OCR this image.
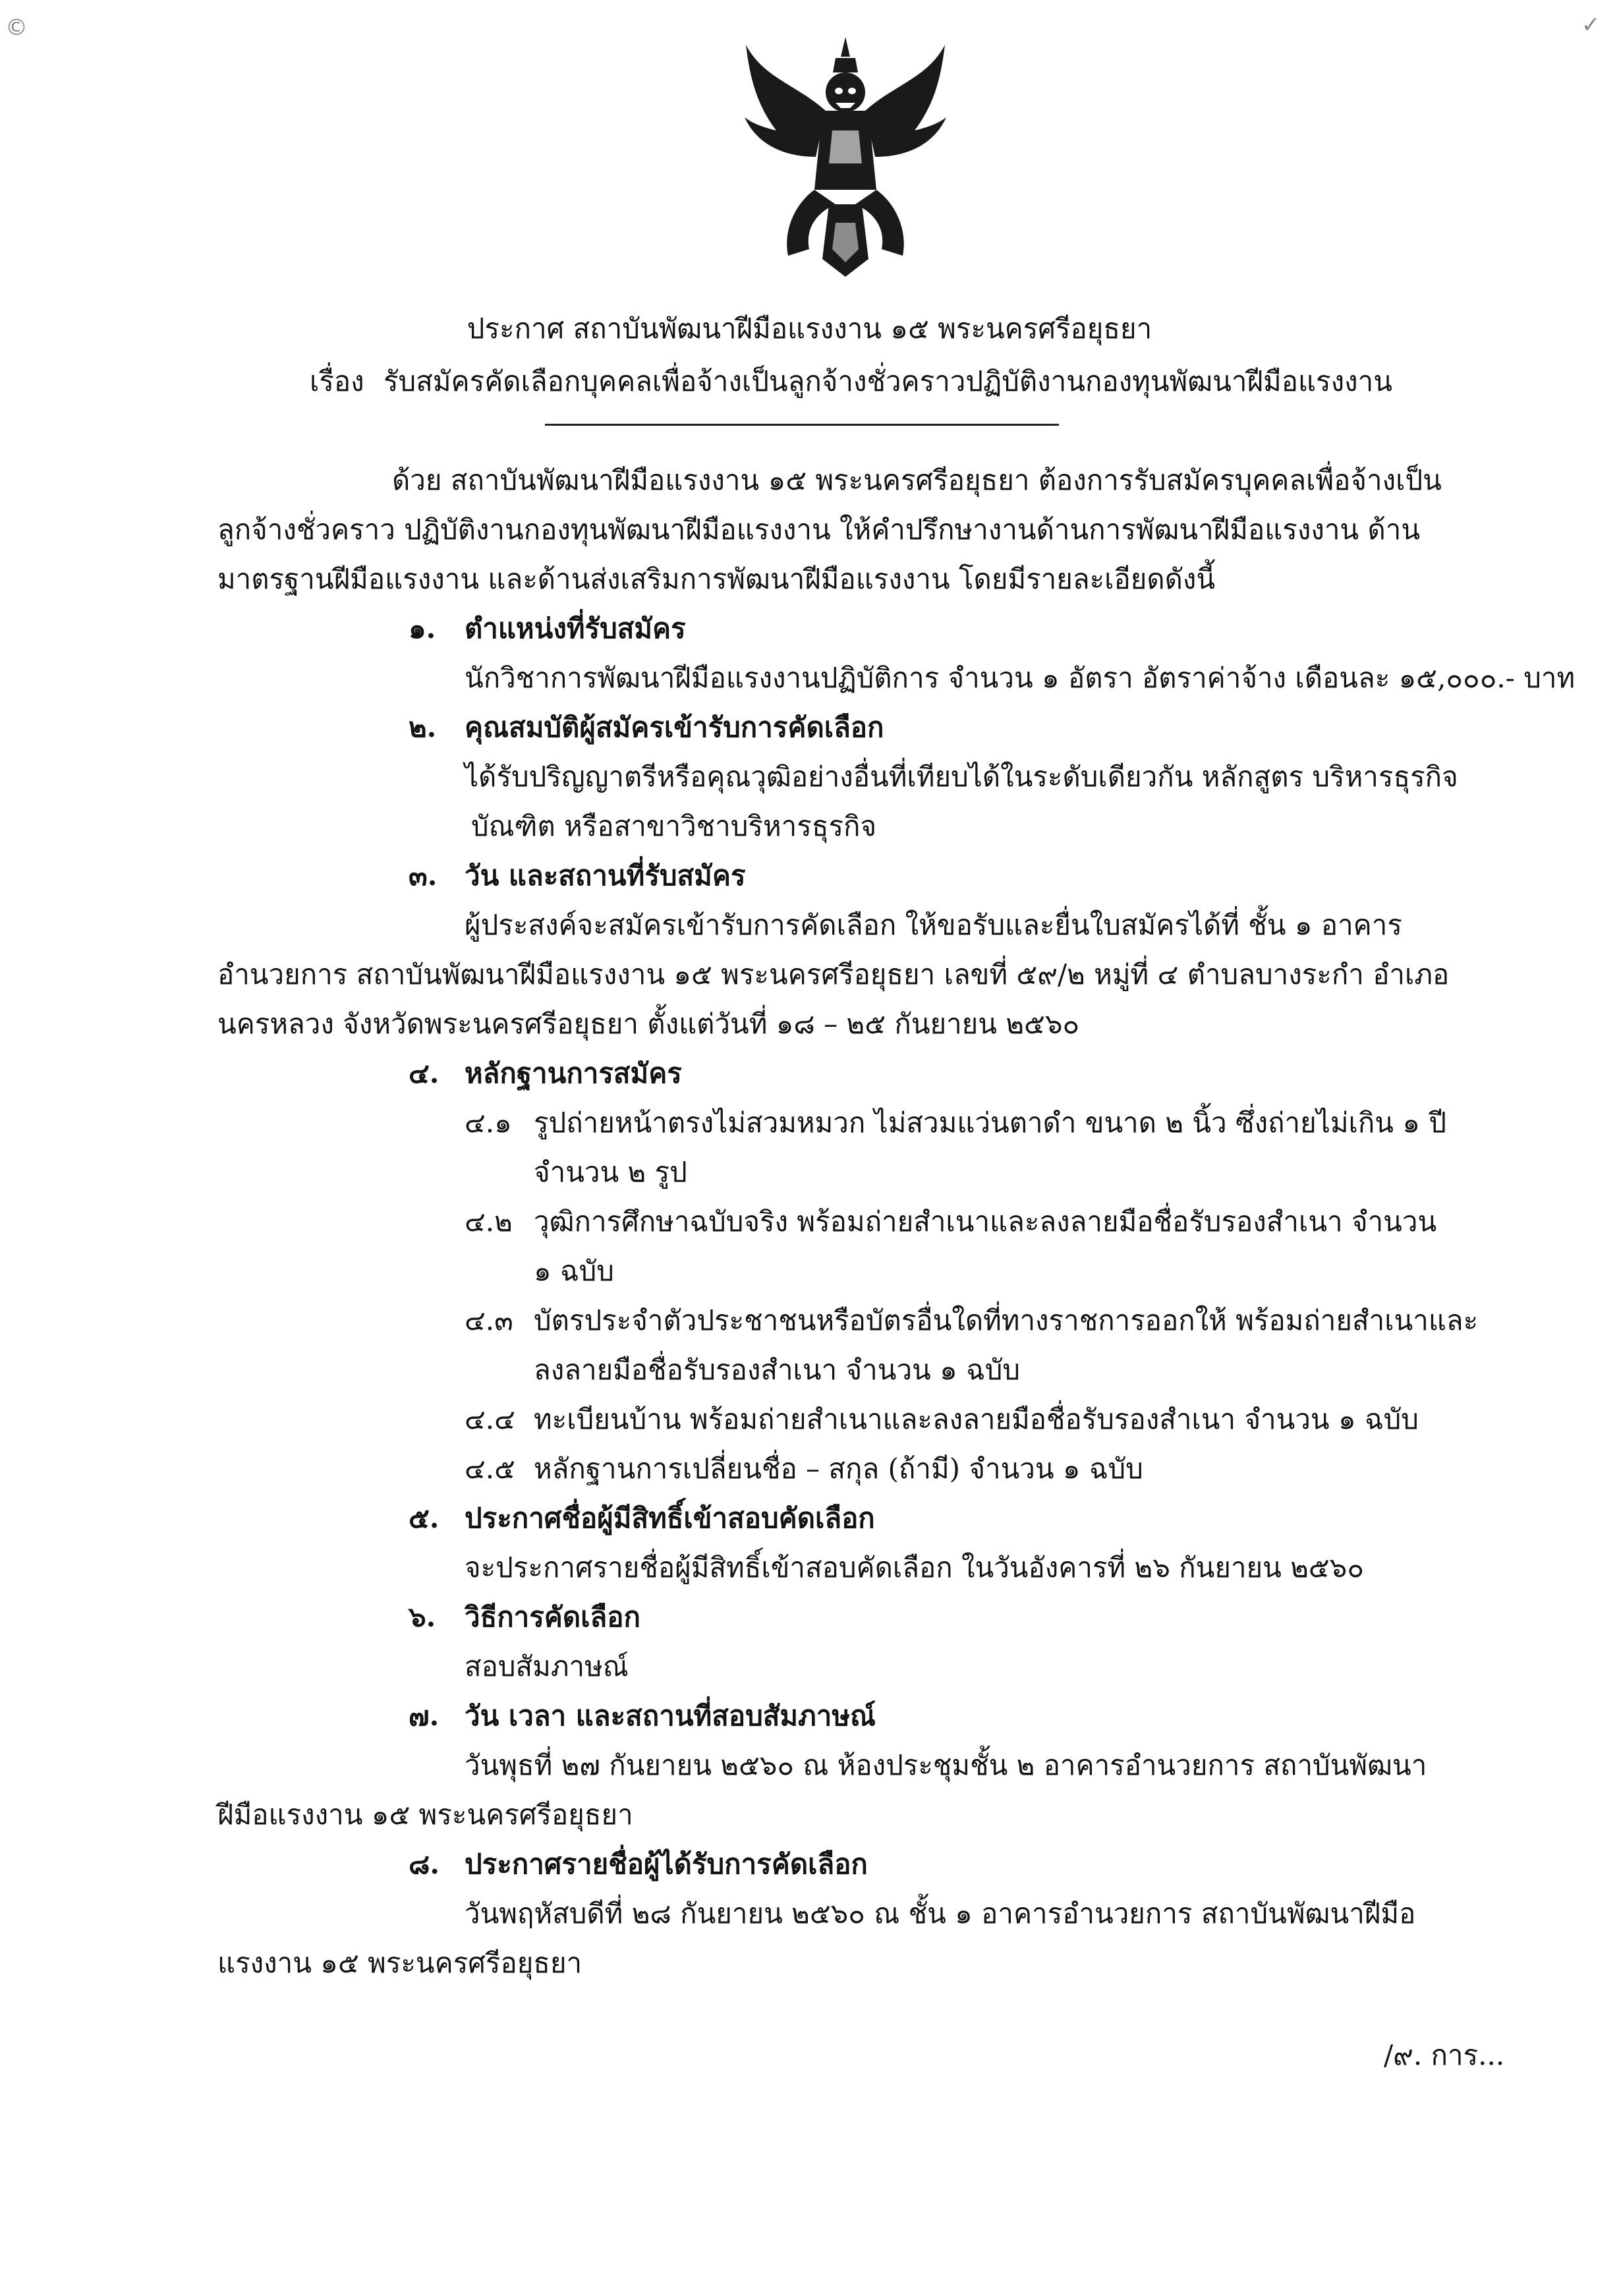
©	✓
ประกาศ สถาบันพัฒนาฝีมือแรงงาน ๑๕ พระนครศรีอยุธยา
เรื่อง รับสมัครคัดเลือกบุคคลเพื่อจ้างเป็นลูกจ้างชั่วคราวปฏิบัติงานกองทุนพัฒนาฝีมือแรงงาน
ด้วย สถาบันพัฒนาฝีมือแรงงาน ๑๕ พระนครศรีอยุธยา ต้องการรับสมัครบุคคลเพื่อจ้างเป็น
ลูกจ้างชั่วคราว ปฏิบัติงานกองทุนพัฒนาฝีมือแรงงาน ให้คำปรึกษางานด้านการพัฒนาฝีมือแรงงาน ด้าน
มาตรฐานฝีมือแรงงาน และด้านส่งเสริมการพัฒนาฝีมือแรงงาน โดยมีรายละเอียดดังนี้
๑. ตำแหน่งที่รับสมัคร
นักวิชาการพัฒนาฝีมือแรงงานปฏิบัติการ จำนวน ๑ อัตรา อัตราค่าจ้าง เดือนละ ๑๕,๐๐๐.- บาท
๒. คุณสมบัติผู้สมัครเข้ารับการคัดเลือก
ได้รับปริญญาตรีหรือคุณวุฒิอย่างอื่นที่เทียบได้ในระดับเดียวกัน หลักสูตร บริหารธุรกิจ
บัณฑิต หรือสาขาวิชาบริหารธุรกิจ
๓. วัน และสถานที่รับสมัคร
ผู้ประสงค์จะสมัครเข้ารับการคัดเลือก ให้ขอรับและยื่นใบสมัครได้ที่ ชั้น ๑ อาคาร
อำนวยการ สถาบันพัฒนาฝีมือแรงงาน ๑๕ พระนครศรีอยุธยา เลขที่ ๕๙/๒ หมู่ที่ ๔ ตำบลบางระกำ อำเภอ
นครหลวง จังหวัดพระนครศรีอยุธยา ตั้งแต่วันที่ ๑๘ – ๒๕ กันยายน ๒๕๖๐
๔. หลักฐานการสมัคร
๔.๑ รูปถ่ายหน้าตรงไม่สวมหมวก ไม่สวมแว่นตาดำ ขนาด ๒ นิ้ว ซึ่งถ่ายไม่เกิน ๑ ปี
จำนวน ๒ รูป
๔.๒ วุฒิการศึกษาฉบับจริง พร้อมถ่ายสำเนาและลงลายมือชื่อรับรองสำเนา จำนวน
๑ ฉบับ
๔.๓ บัตรประจำตัวประชาชนหรือบัตรอื่นใดที่ทางราชการออกให้ พร้อมถ่ายสำเนาและ
ลงลายมือชื่อรับรองสำเนา จำนวน ๑ ฉบับ
๔.๔ ทะเบียนบ้าน พร้อมถ่ายสำเนาและลงลายมือชื่อรับรองสำเนา จำนวน ๑ ฉบับ
๔.๕ หลักฐานการเปลี่ยนชื่อ – สกุล (ถ้ามี) จำนวน ๑ ฉบับ
๕. ประกาศชื่อผู้มีสิทธิ์เข้าสอบคัดเลือก
จะประกาศรายชื่อผู้มีสิทธิ์เข้าสอบคัดเลือก ในวันอังคารที่ ๒๖ กันยายน ๒๕๖๐
๖. วิธีการคัดเลือก
สอบสัมภาษณ์
๗. วัน เวลา และสถานที่สอบสัมภาษณ์
วันพุธที่ ๒๗ กันยายน ๒๕๖๐ ณ ห้องประชุมชั้น ๒ อาคารอำนวยการ สถาบันพัฒนา
ฝีมือแรงงาน ๑๕ พระนครศรีอยุธยา
๘. ประกาศรายชื่อผู้ได้รับการคัดเลือก
วันพฤหัสบดีที่ ๒๘ กันยายน ๒๕๖๐ ณ ชั้น ๑ อาคารอำนวยการ สถาบันพัฒนาฝีมือ
แรงงาน ๑๕ พระนครศรีอยุธยา
/๙. การ...
